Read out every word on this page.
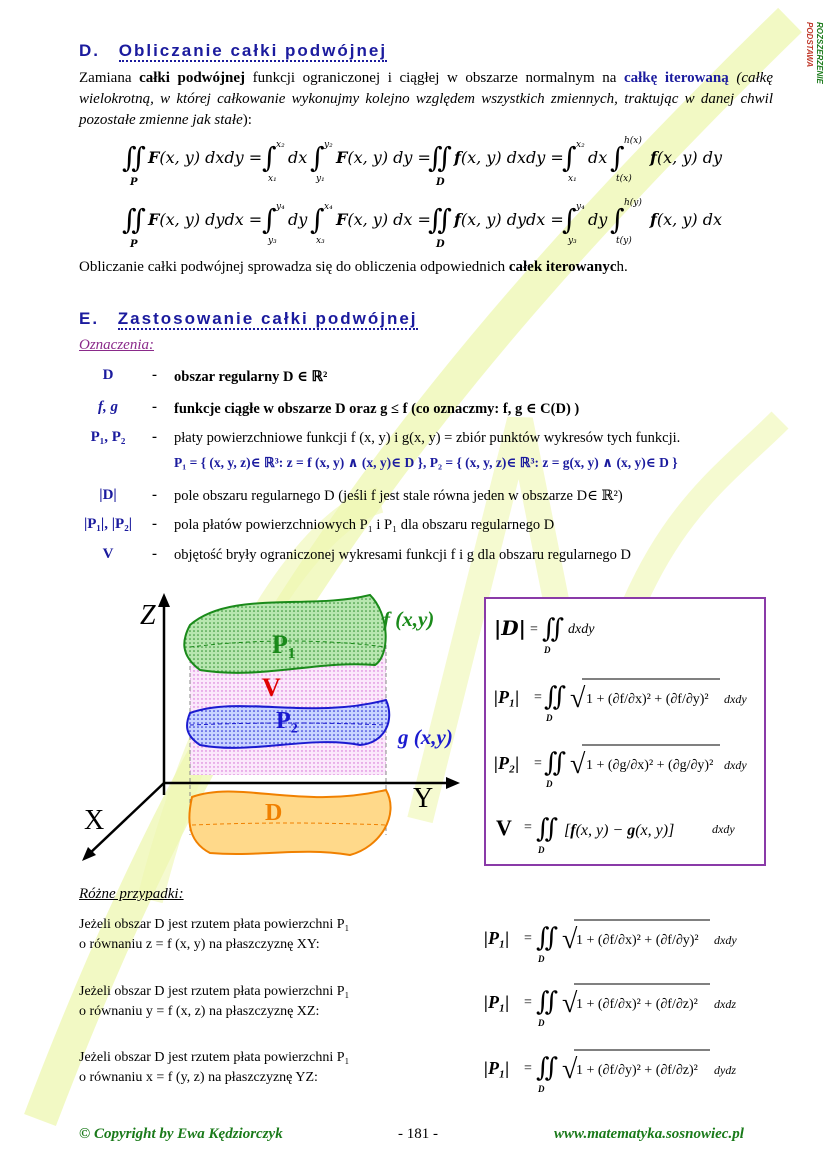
PODSTAWA ROZSZERZENIE
D. Obliczanie całki podwójnej
Zamiana całki podwójnej funkcji ograniczonej i ciągłej w obszarze normalnym na całkę iterowaną (całkę wielokrotną, w której całkowanie wykonujmy kolejno względem wszystkich zmiennych, traktując w danej chwil pozostałe zmienne jak stałe):
∬
P
F(x, y) dxdy = ∫ x₂
x₁
dx ∫ y₂
y₁
F(x, y) dy =
∬
D
f(x, y) dxdy =
∫ x₂
x₁
dx ∫ h(x)
t(x)
f(x, y) dy
∬
P
F(x, y) dydx = ∫ y₄
y₃
dy ∫ x₄
x₃
F(x, y) dx =
∬
D
f(x, y) dydx =
∫ y₄
y₃
dy ∫ h(y)
t(y)
f(x, y) dx
Obliczanie całki podwójnej sprowadza się do obliczenia odpowiednich całek iterowanych.
E. Zastosowanie całki podwójnej
Oznaczenia:
D	- obszar regularny D ∈ ℝ²
f, g	- funkcje ciągłe w obszarze D oraz g ≤ f (co oznaczmy: f, g ∈ C(D) )
P₁, P₂	- płaty powierzchniowe funkcji f (x, y) i g(x, y) = zbiór punktów wykresów tych funkcji.
P₁ = { (x, y, z)∈ ℝ³: z = f (x, y) ∧ (x, y)∈ D }, P₂ = { (x, y, z)∈ ℝ³: z = g(x, y) ∧ (x, y)∈ D }
|D|	- pole obszaru regularnego D (jeśli f jest stale równa jeden w obszarze D∈ ℝ²)
|P₁|, |P₂|	- pola płatów powierzchniowych P₁ i P₁ dla obszaru regularnego D
V	- objętość bryły ograniczonej wykresami funkcji f i g dla obszaru regularnego D
Z
X
Y
P₁
V
P₂
D
f (x,y)
g (x,y)
|D| = ∬
D
dxdy
|P₁| = ∬
D
√ 1 + (∂f/∂x)² + (∂f/∂y)² dxdy
|P₂| = ∬
D
√ 1 + (∂g/∂x)² + (∂g/∂y)² dxdy
V = ∬
D
[f(x, y) − g(x, y)]	dxdy
Różne przypadki:
Jeżeli obszar D jest rzutem płata powierzchni P₁
o równaniu z = f (x, y) na płaszczyznę XY:
Jeżeli obszar D jest rzutem płata powierzchni P₁
o równaniu y = f (x, z) na płaszczyznę XZ:
Jeżeli obszar D jest rzutem płata powierzchni P₁
o równaniu x = f (y, z) na płaszczyznę YZ:
|P₁| = ∬
D
√
1 + (∂f/∂x)² + (∂f/∂y)² dxdy
|P₁| = ∬
D
√
1 + (∂f/∂x)² + (∂f/∂z)² dxdz
|P₁| = ∬
D
√
1 + (∂f/∂y)² + (∂f/∂z)² dydz
© Copyright by Ewa Kędziorczyk	- 181 -	www.matematyka.sosnowiec.pl
